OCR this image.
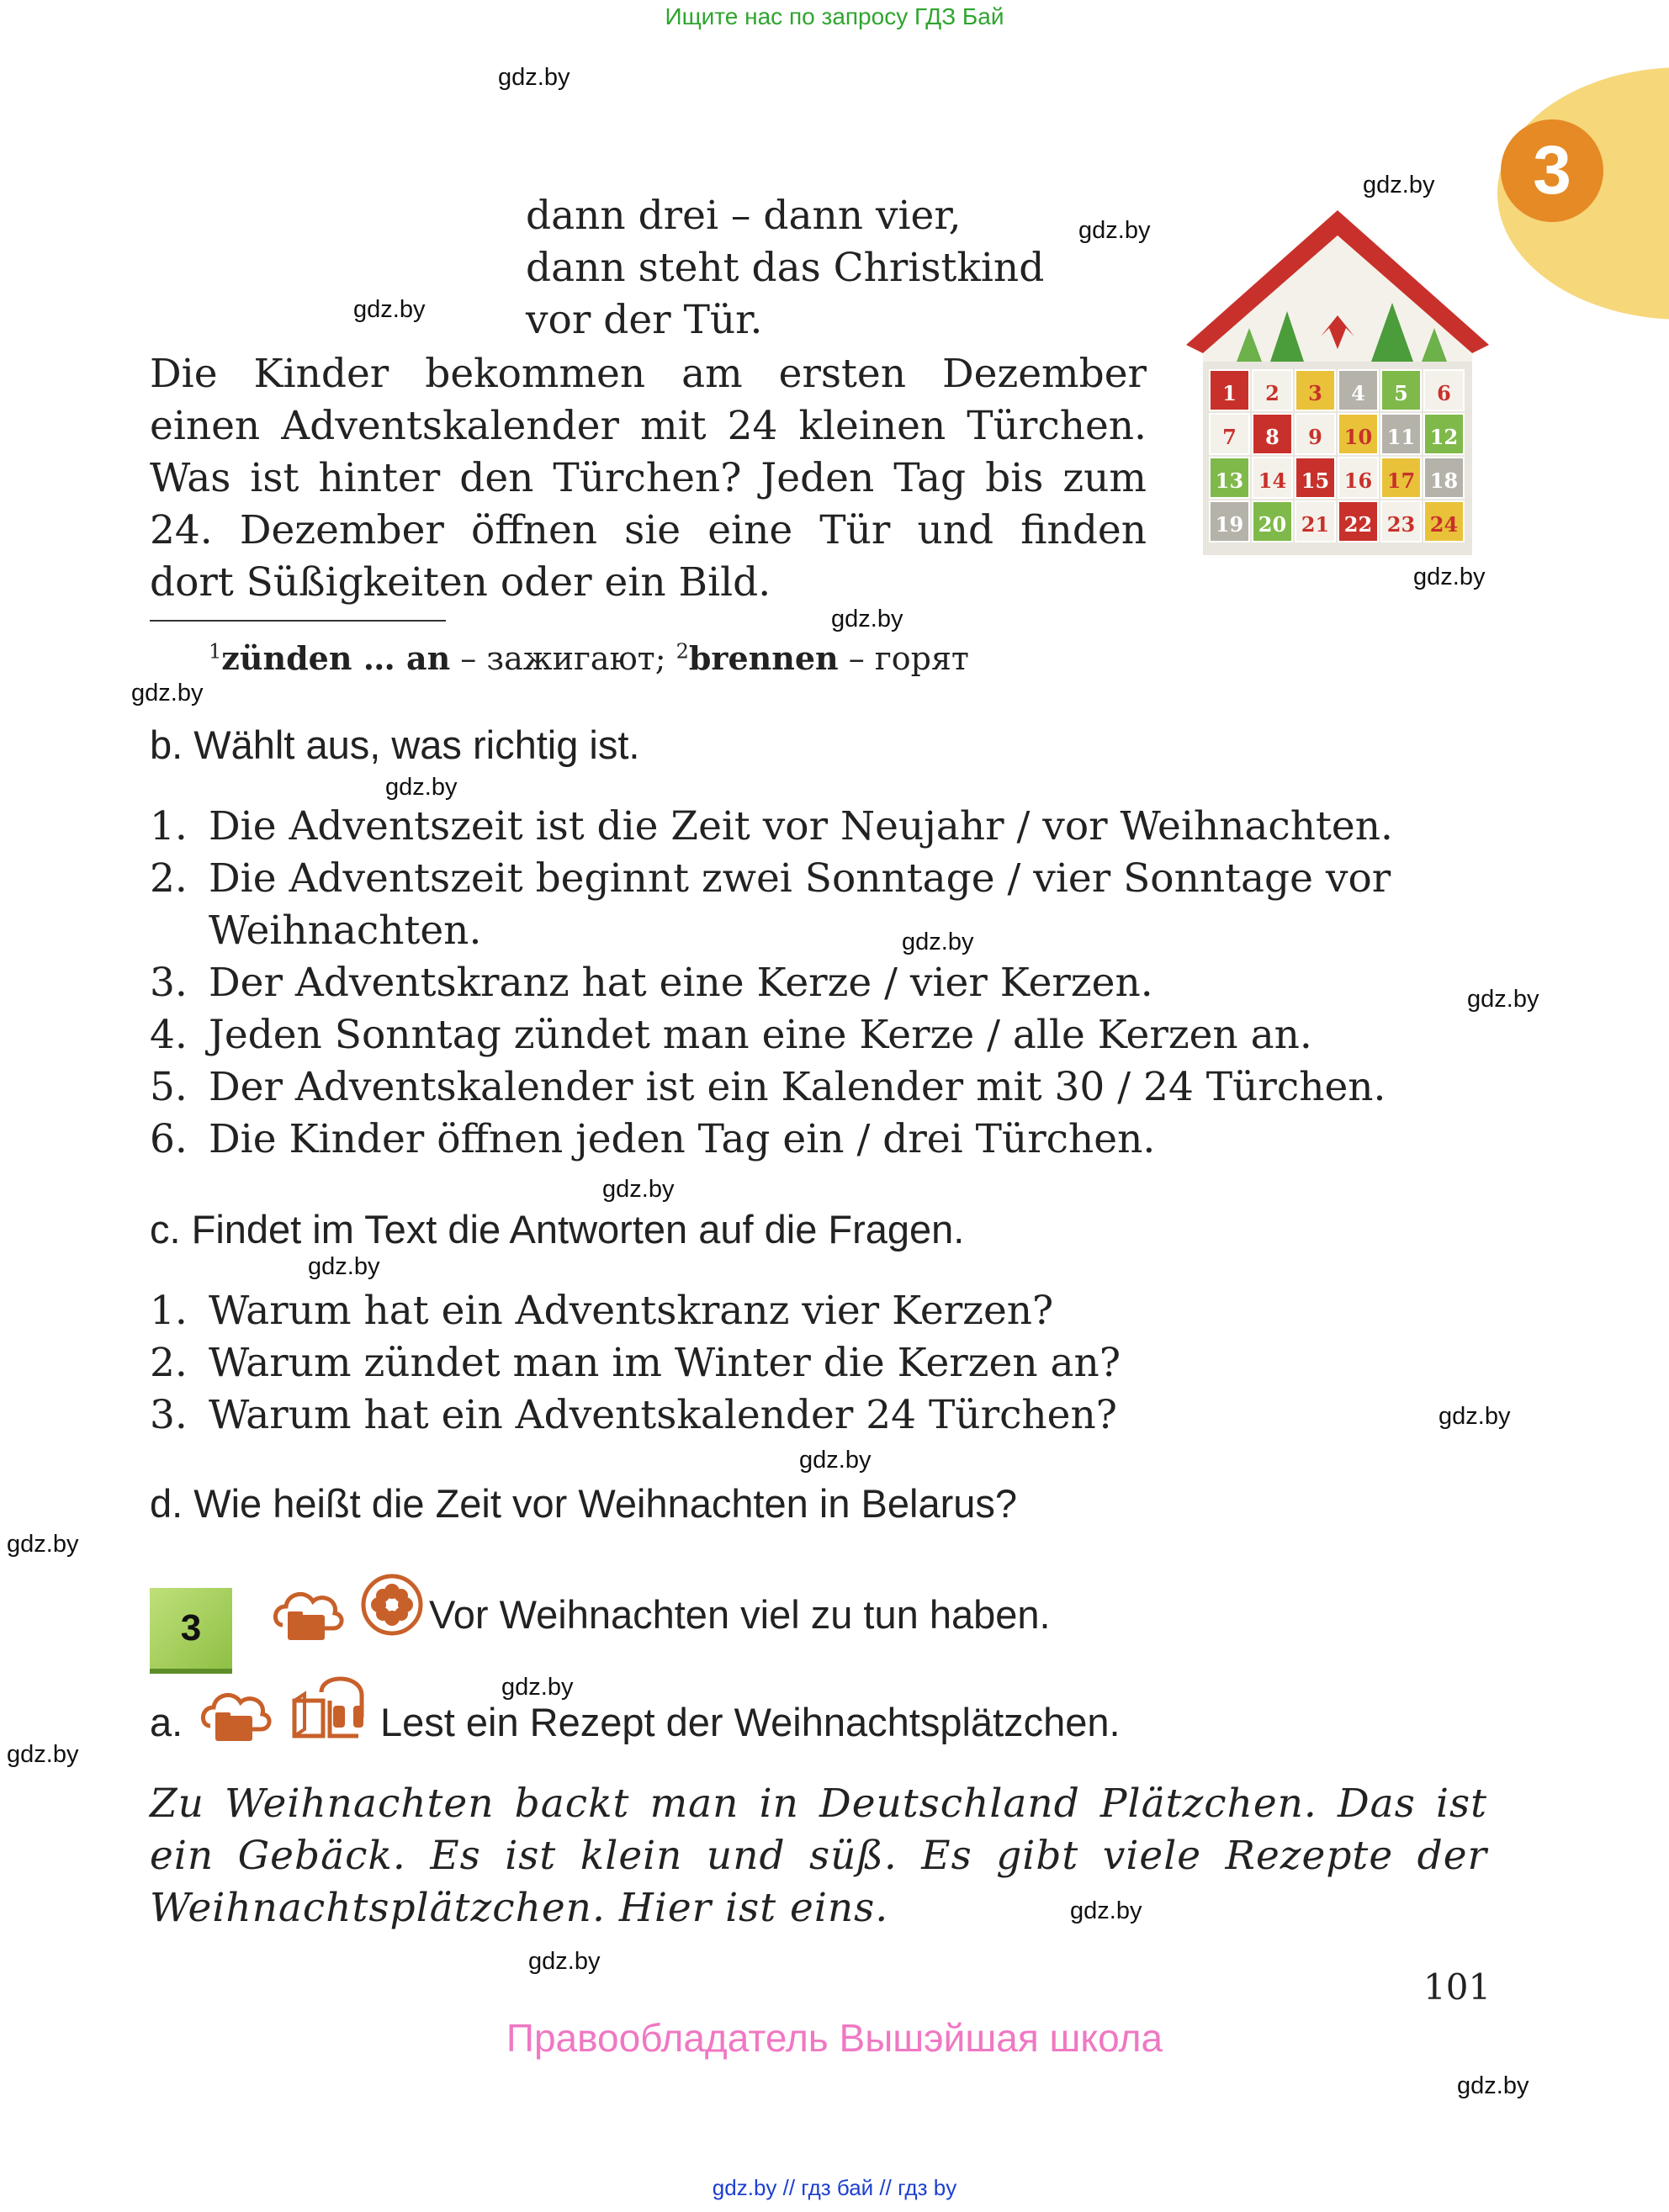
Ищите нас по запросу ГДЗ Бай
3
gdz.by
gdz.by
gdz.by
gdz.by
gdz.by
gdz.by
gdz.by
gdz.by
gdz.by
gdz.by
gdz.by
gdz.by
gdz.by
gdz.by
gdz.by
gdz.by
gdz.by
gdz.by
gdz.by
gdz.by
dann drei – dann vier,
dann steht das Christkind
vor der Tür.
Die Kinder bekommen am ersten Dezember
einen Adventskalender mit 24 kleinen Türchen.
Was ist hinter den Türchen? Jeden Tag bis zum
24. Dezember öffnen sie eine Tür und finden
dort Süßigkeiten oder ein Bild.
1 2 3 4 5 6
7 8 9 10 11 12
13 14 15 16 17 18
19 20 21 22 23 24
$^1$zünden … an – зажигают; $^2$brennen – горят
b. Wählt aus, was richtig ist.
1. Die Adventszeit ist die Zeit vor Neujahr / vor Weihnachten.
2. Die Adventszeit beginnt zwei Sonntage / vier Sonntage vor
Weihnachten.
3. Der Adventskranz hat eine Kerze / vier Kerzen.
4. Jeden Sonntag zündet man eine Kerze / alle Kerzen an.
5. Der Adventskalender ist ein Kalender mit 30 / 24 Türchen.
6. Die Kinder öffnen jeden Tag ein / drei Türchen.
c. Findet im Text die Antworten auf die Fragen.
1. Warum hat ein Adventskranz vier Kerzen?
2. Warum zündet man im Winter die Kerzen an?
3. Warum hat ein Adventskalender 24 Türchen?
d. Wie heißt die Zeit vor Weihnachten in Belarus?
3	Vor Weihnachten viel zu tun haben.
a.	Lest ein Rezept der Weihnachtsplätzchen.
Zu Weihnachten backt man in Deutschland Plätzchen. Das ist
ein Gebäck. Es ist klein und süß. Es gibt viele Rezepte der
Weihnachtsplätzchen. Hier ist eins.
101
Правообладатель Вышэйшая школа
gdz.by // гдз бай // гдз by
